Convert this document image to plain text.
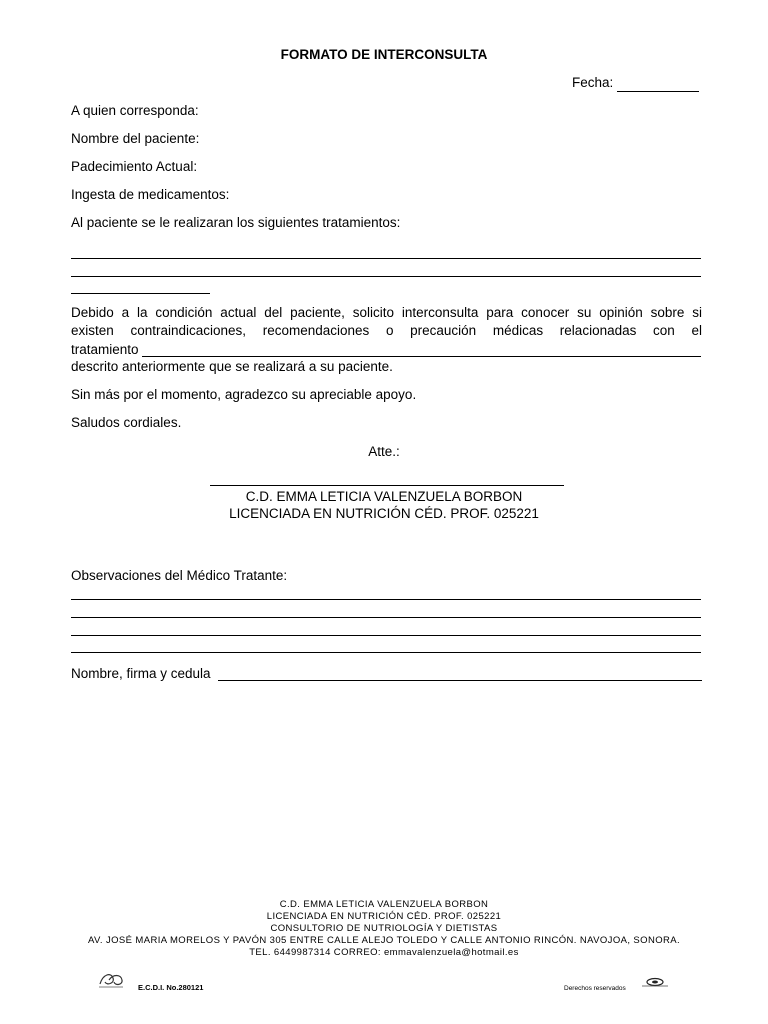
FORMATO DE INTERCONSULTA
Fecha:
A quien corresponda:
Nombre del paciente:
Padecimiento Actual:
Ingesta de medicamentos:
Al paciente se le realizaran los siguientes tratamientos:
Debido a la condición actual del paciente, solicito interconsulta para conocer su opinión sobre si
existen contraindicaciones, recomendaciones o precaución médicas relacionadas con el
tratamiento
descrito anteriormente que se realizará a su paciente.
Sin más por el momento, agradezco su apreciable apoyo.
Saludos cordiales.
Atte.:
C.D. EMMA LETICIA VALENZUELA BORBON
LICENCIADA EN NUTRICIÓN CÉD. PROF. 025221
Observaciones del Médico Tratante:
Nombre, firma y cedula
C.D. EMMA LETICIA VALENZUELA BORBON
LICENCIADA EN NUTRICIÓN CÉD. PROF. 025221
CONSULTORIO DE NUTRIOLOGÍA Y DIETISTAS
AV. JOSÉ MARIA MORELOS Y PAVÓN 305 ENTRE CALLE ALEJO TOLEDO Y CALLE ANTONIO RINCÓN. NAVOJOA, SONORA.
TEL. 6449987314 CORREO: emmavalenzuela@hotmail.es
E.C.D.I. No.280121	Derechos reservados
